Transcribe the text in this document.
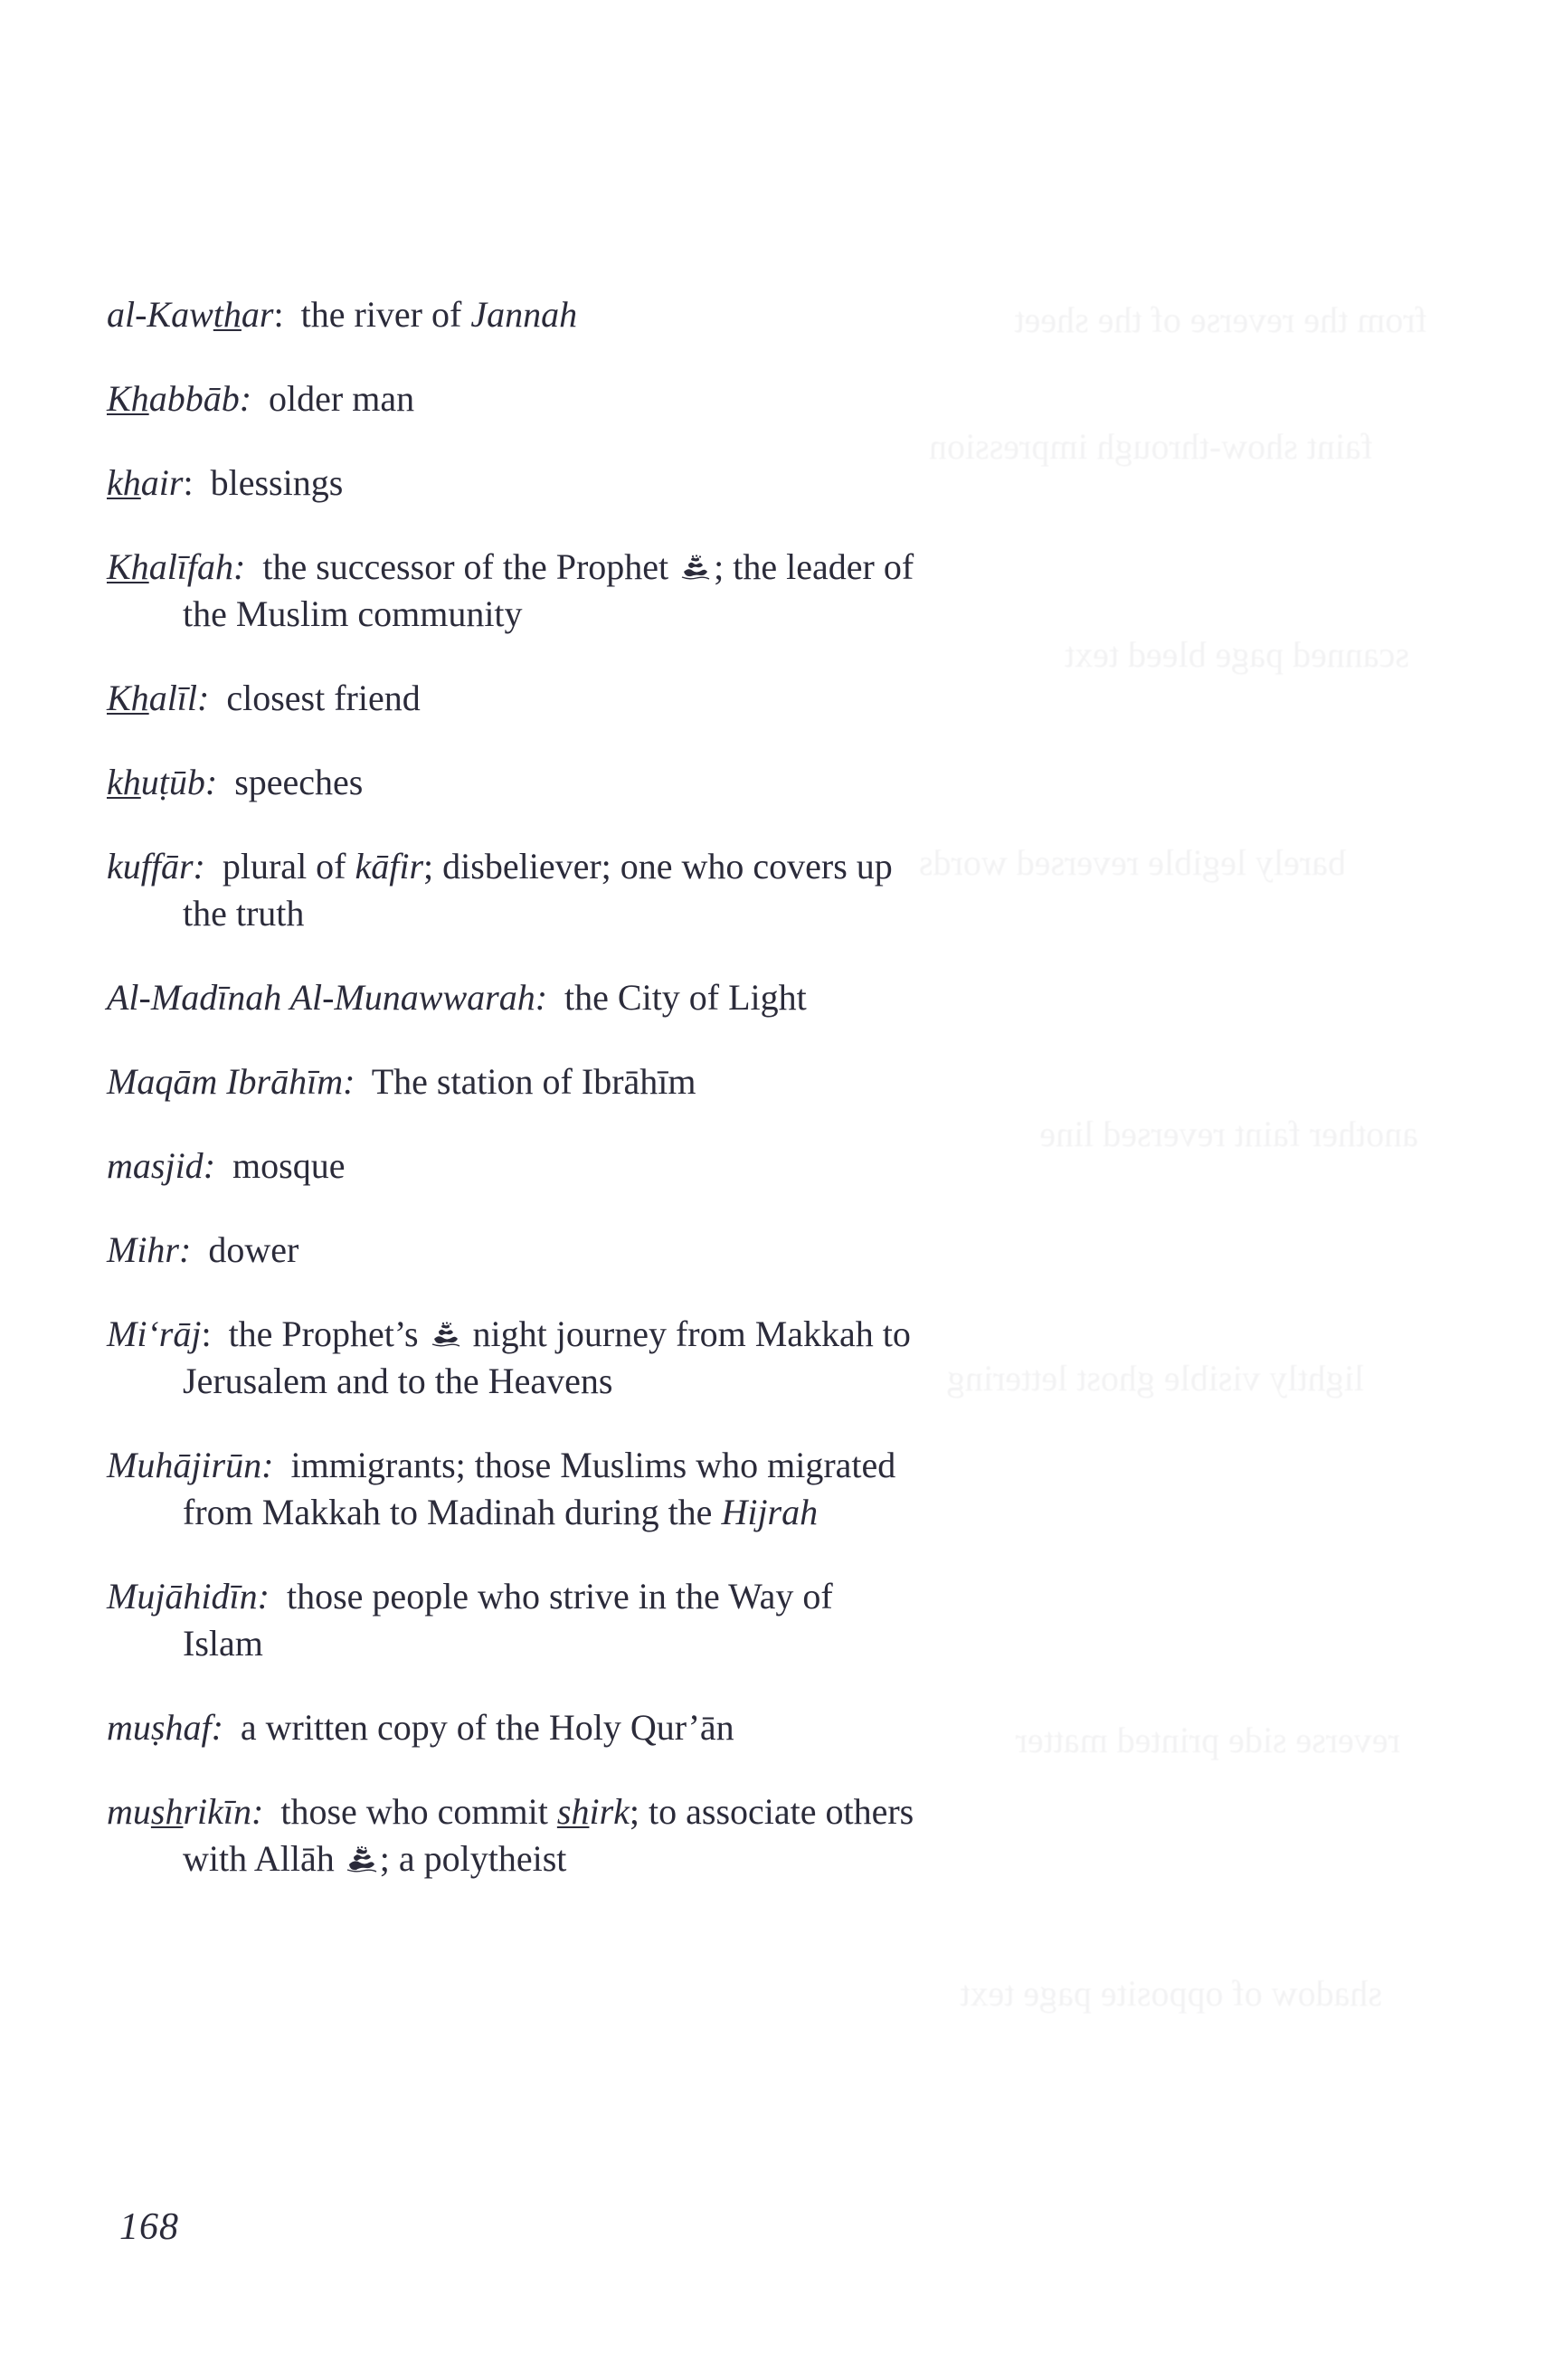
al-Kawthar: the river of Jannah
Khabbāb: older man
khair: blessings
Khalīfah: the successor of the Prophet
; the leader of
the Muslim community
Khalīl: closest friend
khuṭūb: speeches
kuffār: plural of kāfir; disbeliever; one who covers up
the truth
Al-Madīnah Al-Munawwarah: the City of Light
Maqām Ibrāhīm: The station of Ibrāhīm
masjid: mosque
Mihr: dower
Mi‘rāj: the Prophet’s
night journey from Makkah to
Jerusalem and to the Heavens
Muhājirūn: immigrants; those Muslims who migrated
from Makkah to Madinah during the Hijrah
Mujāhidīn: those people who strive in the Way of
Islam
muṣhaf: a written copy of the Holy Qur’ān
mushrikīn: those who commit shirk; to associate others
with Allāh
; a polytheist
168
